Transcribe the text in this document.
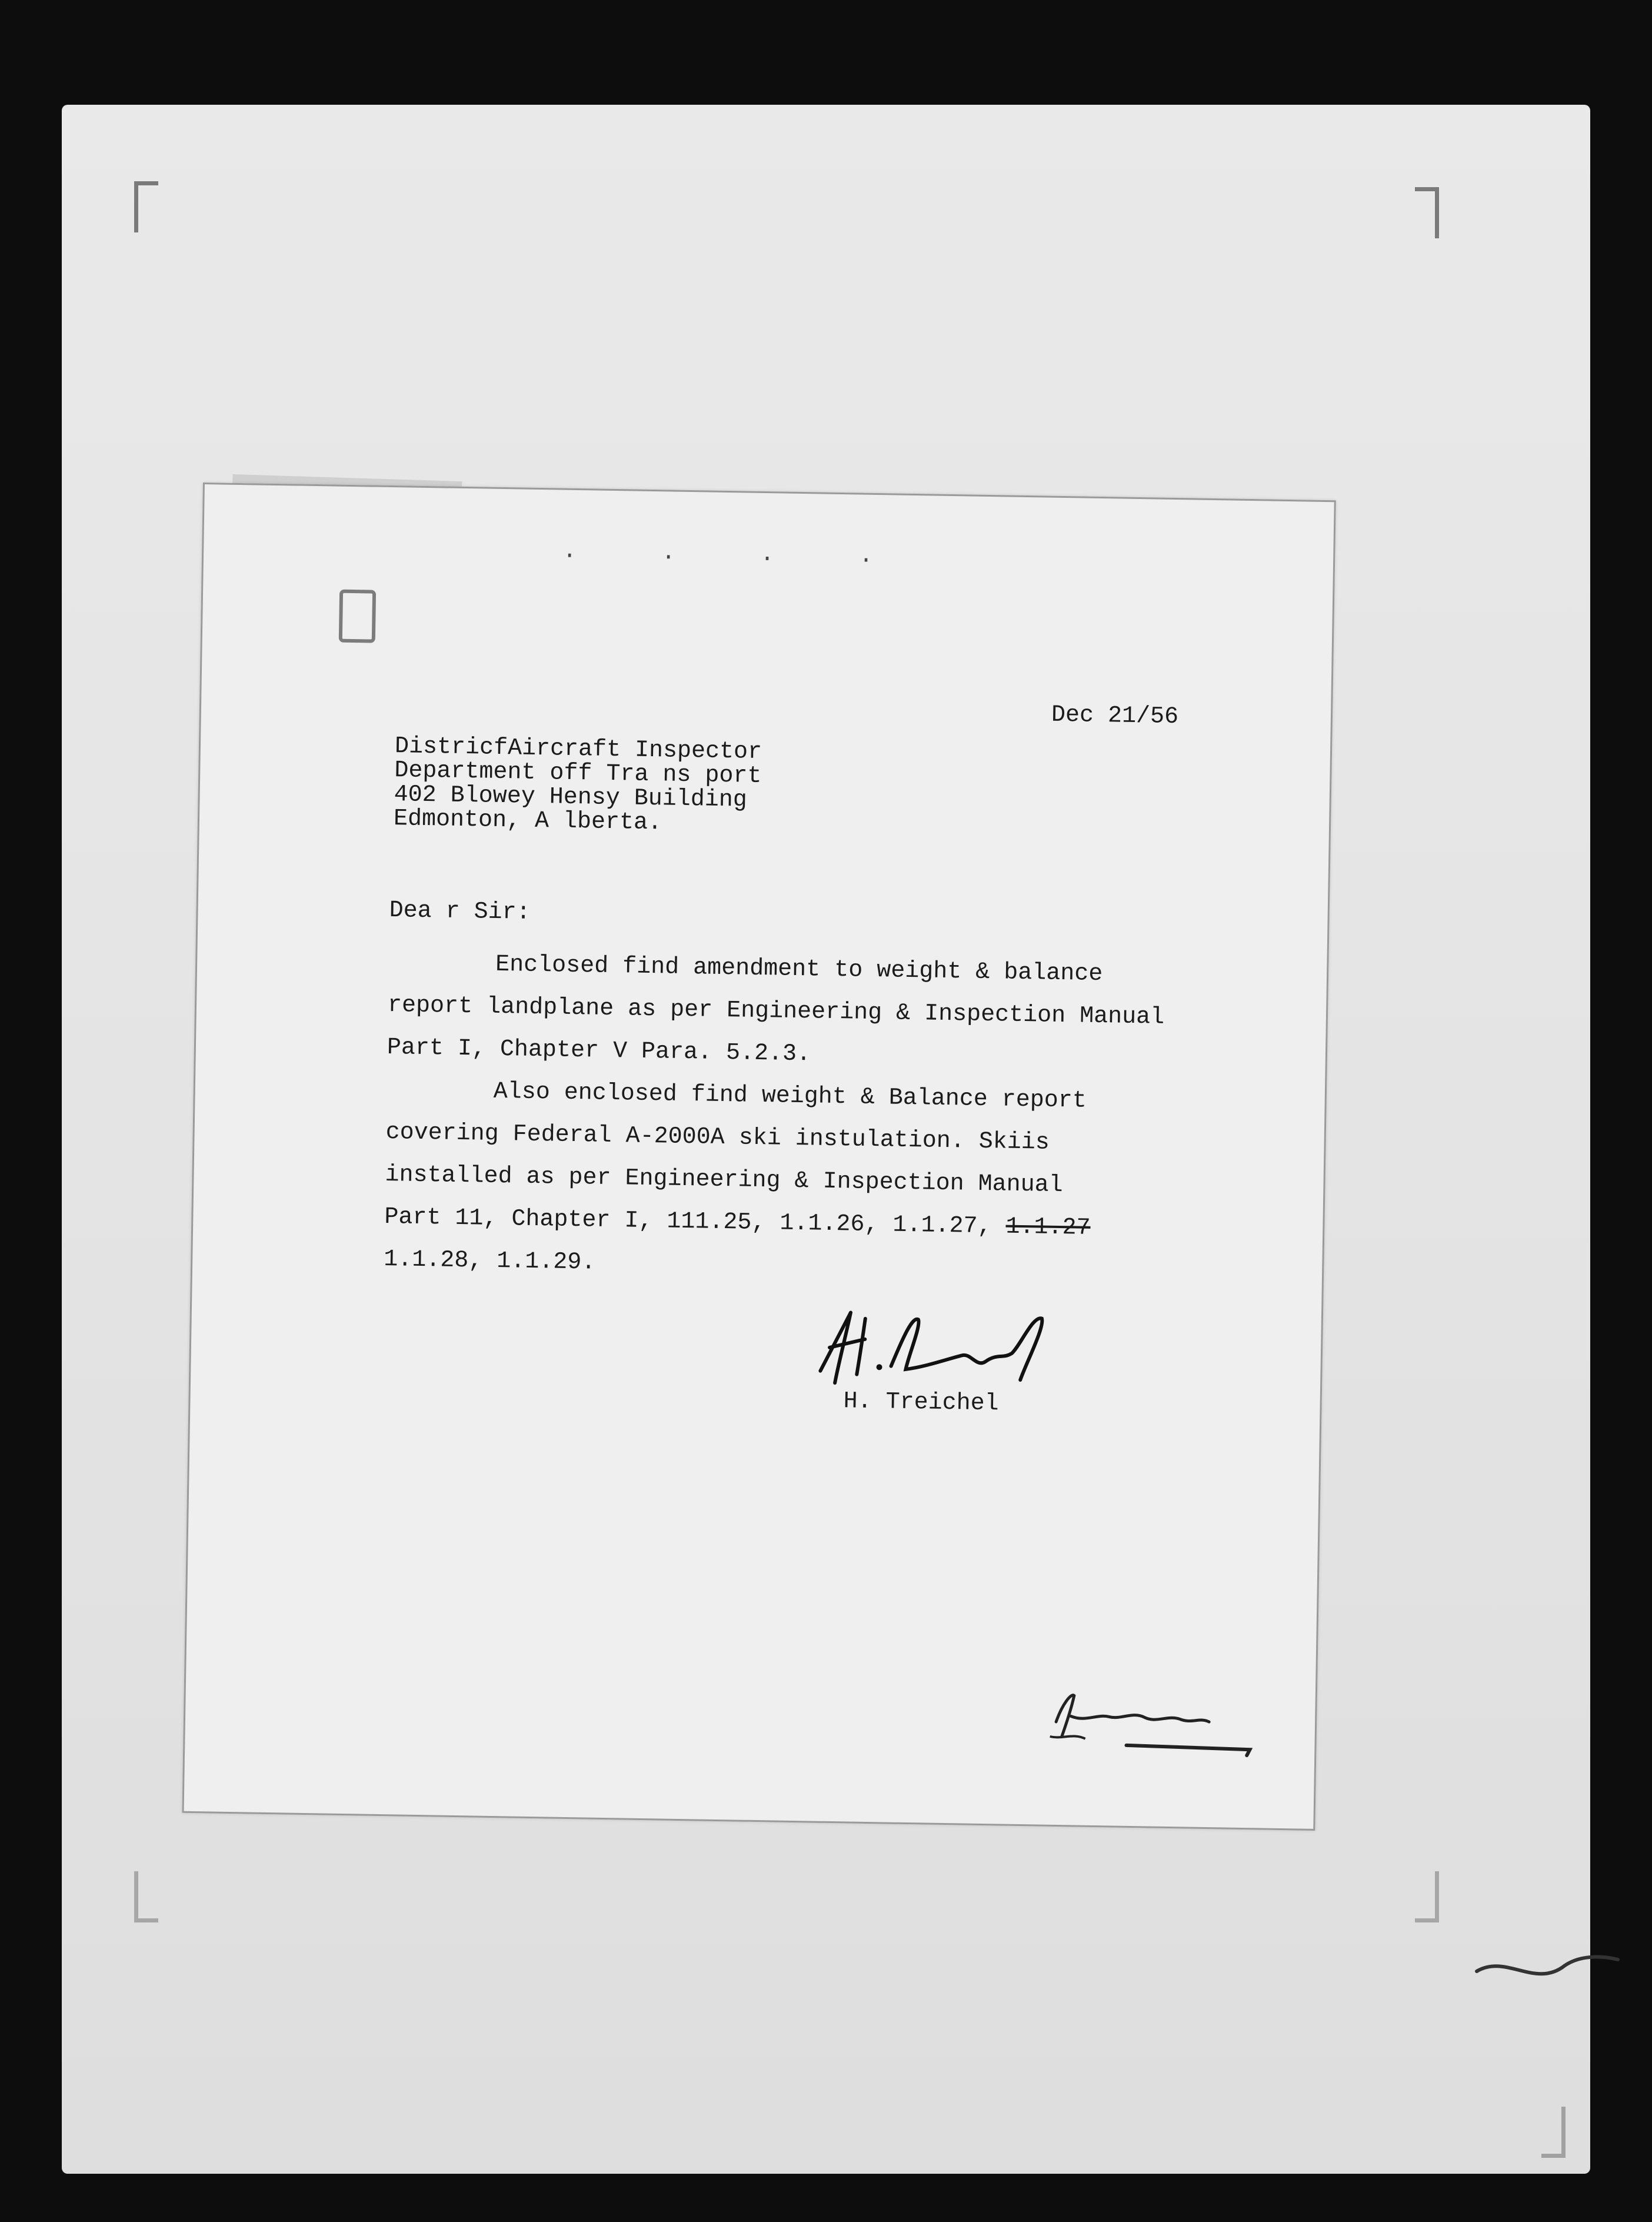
· · · ·
Dec 21/56
DistricfAircraft Inspector
Department off Tra ns port
402 Blowey Hensy Building
Edmonton, A lberta.
Dea r Sir:
Enclosed find amendment to weight & balance
report landplane as per Engineering & Inspection Manual
Part I, Chapter V Para. 5.2.3.
Also enclosed find weight & Balance report
covering Federal A-2000A ski instulation. Skiis
installed as per Engineering & Inspection Manual
Part 11, Chapter I, 111.25, 1.1.26, 1.1.27, 1.1.27
1.1.28, 1.1.29.
H. Treichel
